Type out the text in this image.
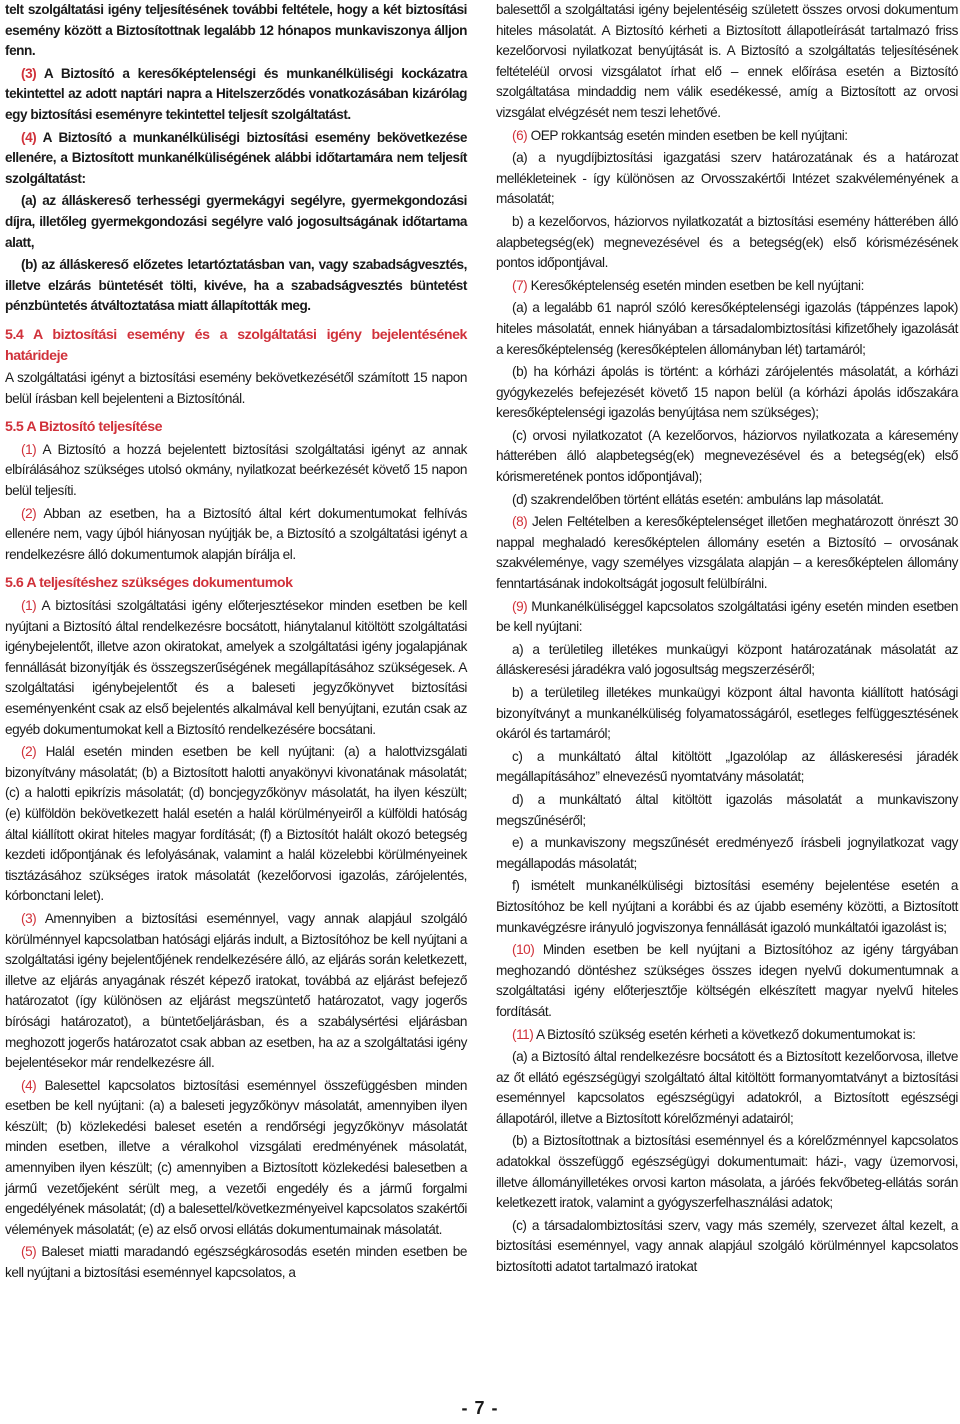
telt szolgáltatási igény teljesítésének további feltétele, hogy a két biztosítási esemény között a Biztosítottnak legalább 12 hónapos munkaviszonya álljon fenn.

(3) A Biztosító a keresőképtelenségi és munkanélküliségi kockázatra tekintettel az adott naptári napra a Hitelszerződés vonatkozásában kizárólag egy biztosítási eseményre tekintettel teljesít szolgáltatást.

(4) A Biztosító a munkanélküliségi biztosítási esemény bekövetkezése ellenére, a Biztosított munkanélküliségének alábbi időtartamára nem teljesít szolgáltatást:

(a) az álláskereső terhességi gyermekágyi segélyre, gyermekgondozási díjra, illetőleg gyermekgondozási segélyre való jogosultságának időtartama alatt,

(b) az álláskereső előzetes letartóztatásban van, vagy szabadságvesztés, illetve elzárás büntetését tölti, kivéve, ha a szabadságvesztés büntetést pénzbüntetés átváltoztatása miatt állapították meg.

5.4 A biztosítási esemény és a szolgáltatási igény bejelentésének határideje

A szolgáltatási igényt a biztosítási esemény bekövetkezésétől számított 15 napon belül írásban kell bejelenteni a Biztosítónál.

5.5 A Biztosító teljesítése

(1) A Biztosító a hozzá bejelentett biztosítási szolgáltatási igényt az annak elbírálásához szükséges utolsó okmány, nyilatkozat beérkezését követő 15 napon belül teljesíti.

(2) Abban az esetben, ha a Biztosító által kért dokumentumokat felhívás ellenére nem, vagy újból hiányosan nyújtják be, a Biztosító a szolgáltatási igényt a rendelkezésre álló dokumentumok alapján bírálja el.

5.6 A teljesítéshez szükséges dokumentumok

(1) A biztosítási szolgáltatási igény előterjesztésekor minden esetben be kell nyújtani a Biztosító által rendelkezésre bocsátott, hiánytalanul kitöltött szolgáltatási igénybejelentőt, illetve azon okiratokat, amelyek a szolgáltatási igény jogalapjának fennállását bizonyítják és összegszerűségének megállapításához szükségesek. A szolgáltatási igénybejelentőt és a baleseti jegyzőkönyvet biztosítási eseményenként csak az első bejelentés alkalmával kell benyújtani, ezután csak az egyéb dokumentumokat kell a Biztosító rendelkezésére bocsátani.

(2) Halál esetén minden esetben be kell nyújtani: (a) a halottvizsgálati bizonyítvány másolatát; (b) a Biztosított halotti anyakönyvi kivonatának másolatát; (c) a halotti epikrízis másolatát; (d) boncjegyzőkönyv másolatát, ha ilyen készült; (e) külföldön bekövetkezett halál esetén a halál körülményeiről a külföldi hatóság által kiállított okirat hiteles magyar fordítását; (f) a Biztosítót halált okozó betegség kezdeti időpontjának és lefolyásának, valamint a halál közelebbi körülményeinek tisztázásához szükséges iratok másolatát (kezelőorvosi igazolás, zárójelentés, kórbonctani lelet).

(3) Amennyiben a biztosítási eseménnyel, vagy annak alapjául szolgáló körülménnyel kapcsolatban hatósági eljárás indult, a Biztosítóhoz be kell nyújtani a szolgáltatási igény bejelentőjének rendelkezésére álló, az eljárás során keletkezett, illetve az eljárás anyagának részét képező iratokat, továbbá az eljárást befejező határozatot (így különösen az eljárást megszüntető határozatot, vagy jogerős bírósági határozatot), a büntetőeljárásban, és a szabálysértési eljárásban meghozott jogerős határozatot csak abban az esetben, ha az a szolgáltatási igény bejelentésekor már rendelkezésre áll.

(4) Balesettel kapcsolatos biztosítási eseménnyel összefüggésben minden esetben be kell nyújtani: (a) a baleseti jegyzőkönyv másolatát, amennyiben ilyen készült; (b) közlekedési baleset esetén a rendőrségi jegyzőkönyv másolatát minden esetben, illetve a véralkohol vizsgálati eredményének másolatát, amennyiben ilyen készült; (c) amennyiben a Biztosított közlekedési balesetben a jármű vezetőjeként sérült meg, a vezetői engedély és a jármű forgalmi engedélyének másolatát; (d) a balesettel/következményeivel kapcsolatos szakértői vélemények másolatát; (e) az első orvosi ellátás dokumentumainak másolatát.

(5) Baleset miatti maradandó egészségkárosodás esetén minden esetben be kell nyújtani a biztosítási eseménnyel kapcsolatos, a

balesettől a szolgáltatási igény bejelentéséig született összes orvosi dokumentum hiteles másolatát. A Biztosító kérheti a Biztosított állapotleírását tartalmazó friss kezelőorvosi nyilatkozat benyújtását is. A Biztosító a szolgáltatás teljesítésének feltételéül orvosi vizsgálatot írhat elő – ennek előírása esetén a Biztosító szolgáltatása mindaddig nem válik esedékessé, amíg a Biztosított az orvosi vizsgálat elvégzését nem teszi lehetővé.

(6) OEP rokkantság esetén minden esetben be kell nyújtani:

(a) a nyugdíjbiztosítási igazgatási szerv határozatának és a határozat mellékleteinek - így különösen az Orvosszakértői Intézet szakvéleményének a másolatát;

b) a kezelőorvos, háziorvos nyilatkozatát a biztosítási esemény hátterében álló alapbetegség(ek) megnevezésével és a betegség(ek) első kórismézésének pontos időpontjával.

(7) Keresőképtelenség esetén minden esetben be kell nyújtani:

(a) a legalább 61 napról szóló keresőképtelenségi igazolás (táppénzes lapok) hiteles másolatát, ennek hiányában a társadalombiztosítási kifizetőhely igazolását a keresőképtelenség (keresőképtelen állományban lét) tartamáról;

(b) ha kórházi ápolás is történt: a kórházi zárójelentés másolatát, a kórházi gyógykezelés befejezését követő 15 napon belül (a kórházi ápolás időszakára keresőképtelenségi igazolás benyújtása nem szükséges);

(c) orvosi nyilatkozatot (A kezelőorvos, háziorvos nyilatkozata a káresemény hátterében álló alapbetegség(ek) megnevezésével és a betegség(ek) első kórismeretének pontos időpontjával);

(d) szakrendelőben történt ellátás esetén: ambuláns lap másolatát.

(8) Jelen Feltételben a keresőképtelenséget illetően meghatározott önrészt 30 nappal meghaladó keresőképtelen állomány esetén a Biztosító – orvosának szakvéleménye, vagy személyes vizsgálata alapján – a keresőképtelen állomány fenntartásának indokoltságát jogosult felülbírálni.

(9) Munkanélküliséggel kapcsolatos szolgáltatási igény esetén minden esetben be kell nyújtani:

a) a területileg illetékes munkaügyi központ határozatának másolatát az álláskeresési járadékra való jogosultság megszerzéséről;

b) a területileg illetékes munkaügyi központ által havonta kiállított hatósági bizonyítványt a munkanélküliség folyamatosságáról, esetleges felfüggesztésének okáról és tartamáról;

c) a munkáltató által kitöltött „Igazolólap az álláskeresési járadék megállapításához” elnevezésű nyomtatvány másolatát;

d) a munkáltató által kitöltött igazolás másolatát a munkaviszony megszűnéséről;

e) a munkaviszony megszűnését eredményező írásbeli jognyilatkozat vagy megállapodás másolatát;

f) ismételt munkanélküliségi biztosítási esemény bejelentése esetén a Biztosítóhoz be kell nyújtani a korábbi és az újabb esemény közötti, a Biztosított munkavégzésre irányuló jogviszonya fennállását igazoló munkáltatói igazolást is;

(10) Minden esetben be kell nyújtani a Biztosítóhoz az igény tárgyában meghozandó döntéshez szükséges összes idegen nyelvű dokumentumnak a szolgáltatási igény előterjesztője költségén elkészített magyar nyelvű hiteles fordítását.

(11) A Biztosító szükség esetén kérheti a következő dokumentumokat is:

(a) a Biztosító által rendelkezésre bocsátott és a Biztosított kezelőorvosa, illetve az őt ellátó egészségügyi szolgáltató által kitöltött formanyomtatványt a biztosítási eseménnyel kapcsolatos egészségügyi adatokról, a Biztosított egészségi állapotáról, illetve a Biztosított kórelőzményi adatairól;

(b) a Biztosítottnak a biztosítási eseménnyel és a kórelőzménnyel kapcsolatos adatokkal összefüggő egészségügyi dokumentumait: házi-, vagy üzemorvosi, illetve állományilletékes orvosi karton másolata, a járóés fekvőbeteg-ellátás során keletkezett iratok, valamint a gyógyszerfelhasználási adatok;

(c) a társadalombiztosítási szerv, vagy más személy, szervezet által kezelt, a biztosítási eseménnyel, vagy annak alapjául szolgáló körülménnyel kapcsolatos biztosítotti adatot tartalmazó iratokat

- 7 -
